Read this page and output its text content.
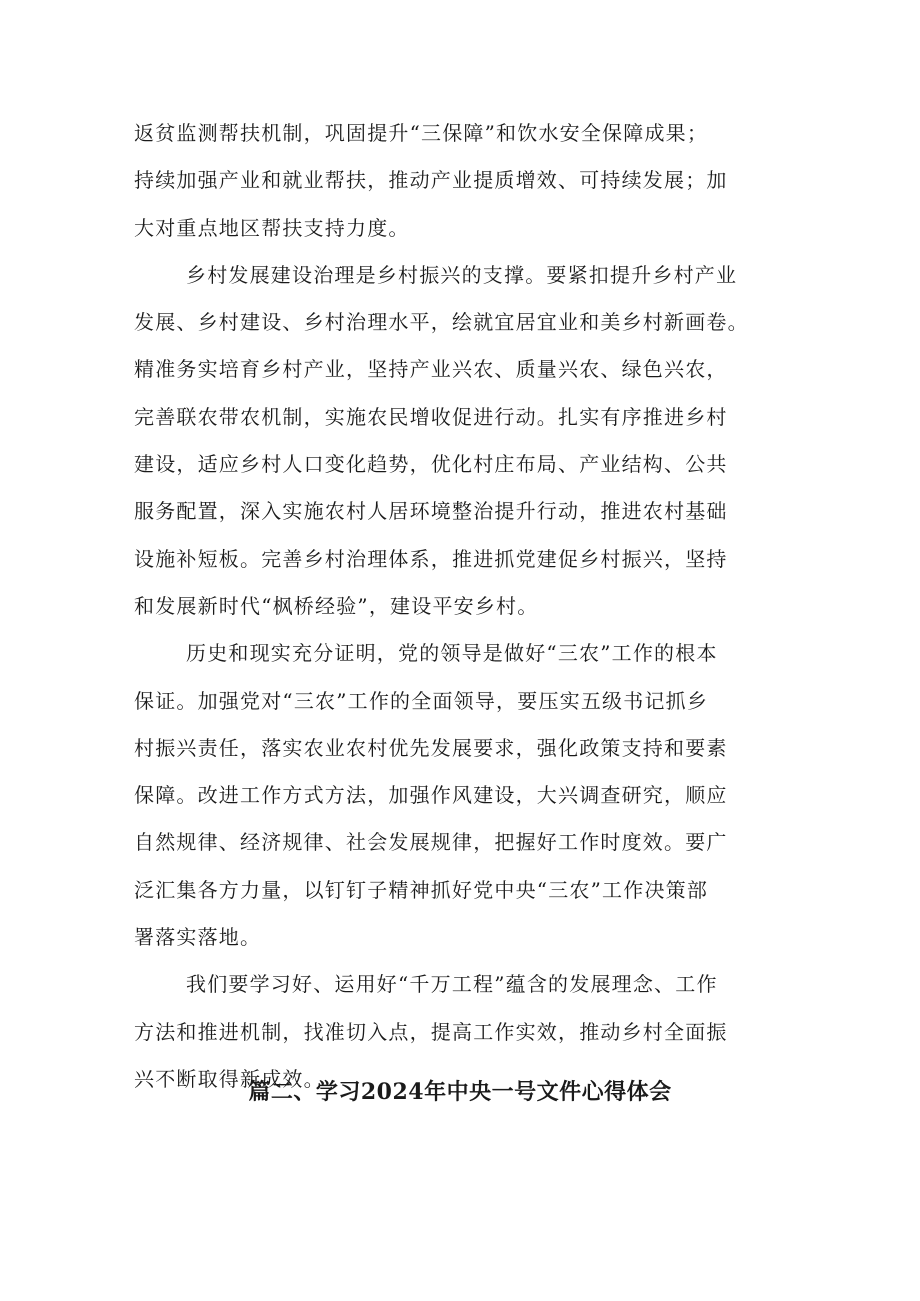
返贫监测帮扶机制，巩固提升“三保障”和饮水安全保障成果；
持续加强产业和就业帮扶，推动产业提质增效、可持续发展；加
大对重点地区帮扶支持力度。
乡村发展建设治理是乡村振兴的支撑。要紧扣提升乡村产业
发展、乡村建设、乡村治理水平，绘就宜居宜业和美乡村新画卷。
精准务实培育乡村产业，坚持产业兴农、质量兴农、绿色兴农，
完善联农带农机制，实施农民增收促进行动。扎实有序推进乡村
建设，适应乡村人口变化趋势，优化村庄布局、产业结构、公共
服务配置，深入实施农村人居环境整治提升行动，推进农村基础
设施补短板。完善乡村治理体系，推进抓党建促乡村振兴，坚持
和发展新时代“枫桥经验”，建设平安乡村。
历史和现实充分证明，党的领导是做好“三农”工作的根本
保证。加强党对“三农”工作的全面领导，要压实五级书记抓乡
村振兴责任，落实农业农村优先发展要求，强化政策支持和要素
保障。改进工作方式方法，加强作风建设，大兴调查研究，顺应
自然规律、经济规律、社会发展规律，把握好工作时度效。要广
泛汇集各方力量，以钉钉子精神抓好党中央“三农”工作决策部
署落实落地。
我们要学习好、运用好“千万工程”蕴含的发展理念、工作
方法和推进机制，找准切入点，提高工作实效，推动乡村全面振
兴不断取得新成效。
篇二、学习2024年中央一号文件心得体会
